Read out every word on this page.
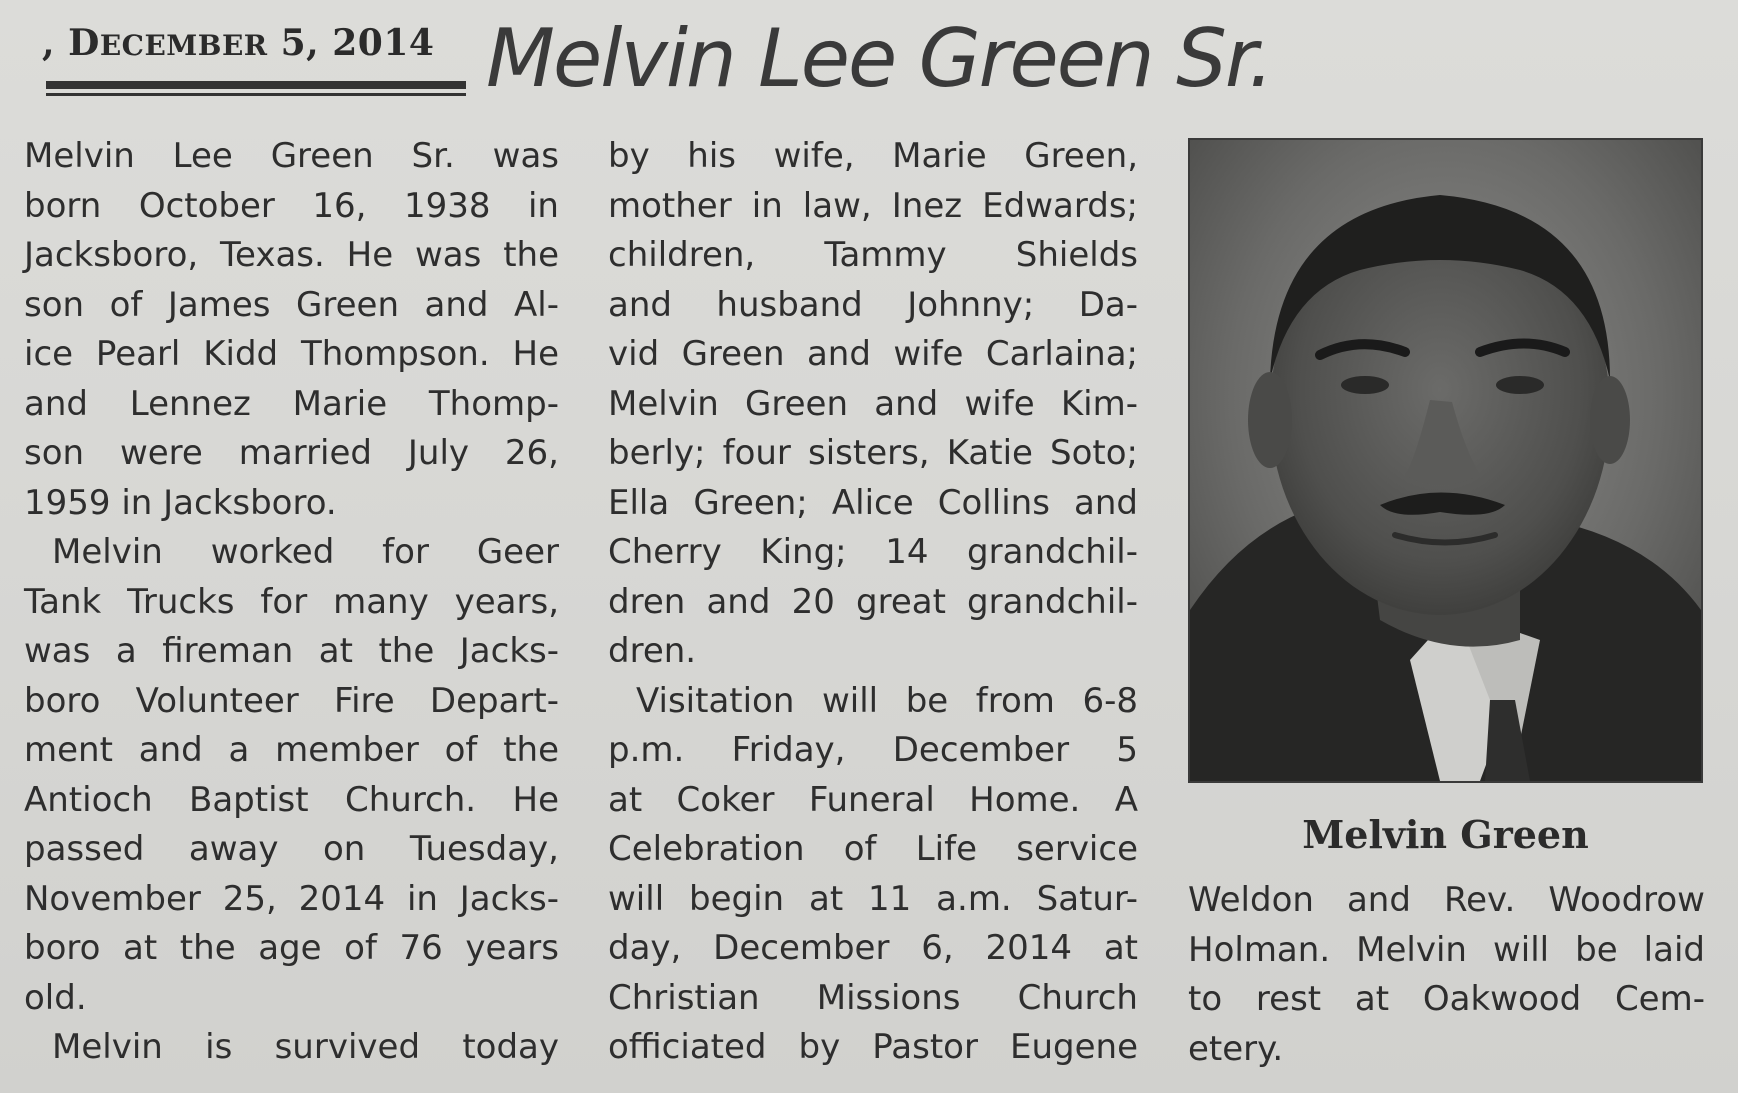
, DECEMBER 5, 2014 Melvin Lee Green Sr.
Melvin Lee Green Sr. was
born October 16, 1938 in
Jacksboro, Texas. He was the
son of James Green and Al-
ice Pearl Kidd Thompson. He
and Lennez Marie Thomp-
son were married July 26,
1959 in Jacksboro.
Melvin worked for Geer
Tank Trucks for many years,
was a fireman at the Jacks-
boro Volunteer Fire Depart-
ment and a member of the
Antioch Baptist Church. He
passed away on Tuesday,
November 25, 2014 in Jacks-
boro at the age of 76 years
old.
Melvin is survived today
by his wife, Marie Green,
mother in law, Inez Edwards;
children, Tammy Shields
and husband Johnny; Da-
vid Green and wife Carlaina;
Melvin Green and wife Kim-
berly; four sisters, Katie Soto;
Ella Green; Alice Collins and
Cherry King; 14 grandchil-
dren and 20 great grandchil-
dren.
Visitation will be from 6-8
p.m. Friday, December 5
at Coker Funeral Home. A
Celebration of Life service
will begin at 11 a.m. Satur-
day, December 6, 2014 at
Christian Missions Church
officiated by Pastor Eugene
Melvin Green
Weldon and Rev. Woodrow
Holman. Melvin will be laid
to rest at Oakwood Cem-
etery.
